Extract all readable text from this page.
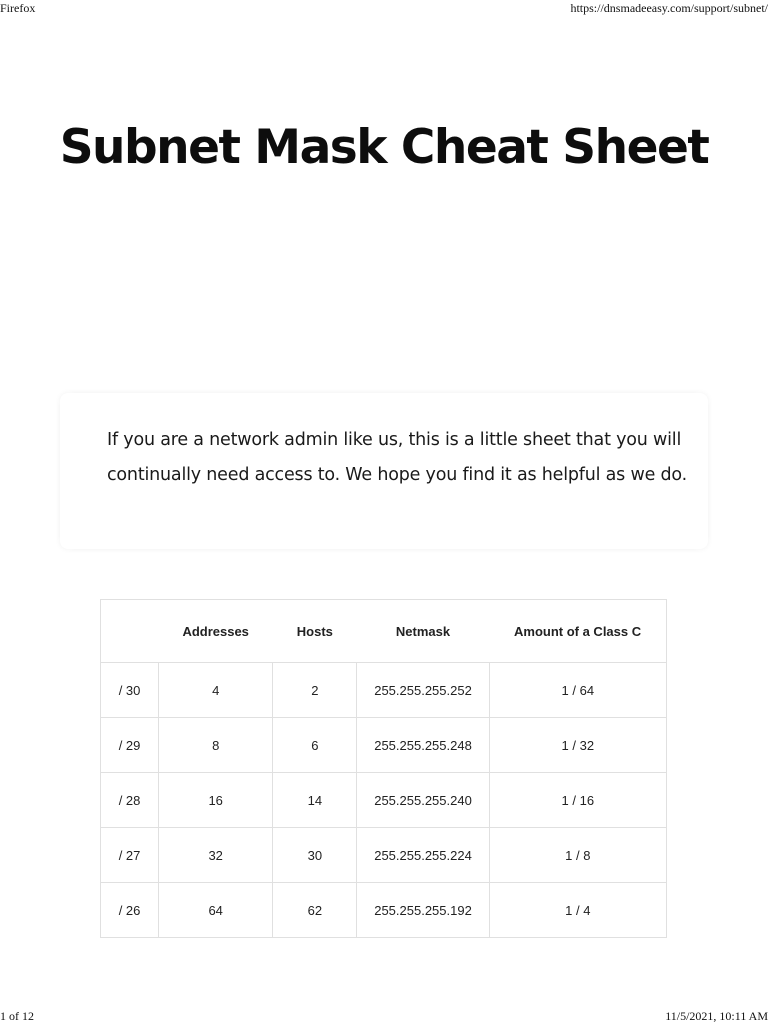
Firefox	https://dnsmadeeasy.com/support/subnet/
Subnet Mask Cheat Sheet
If you are a network admin like us, this is a little sheet that you will
continually need access to. We hope you find it as helpful as we do.
	Addresses	Hosts	Netmask	Amount of a Class C
/ 30	4	2	255.255.255.252	1 / 64
/ 29	8	6	255.255.255.248	1 / 32
/ 28	16	14	255.255.255.240	1 / 16
/ 27	32	30	255.255.255.224	1 / 8
/ 26	64	62	255.255.255.192	1 / 4
1 of 12	11/5/2021, 10:11 AM
